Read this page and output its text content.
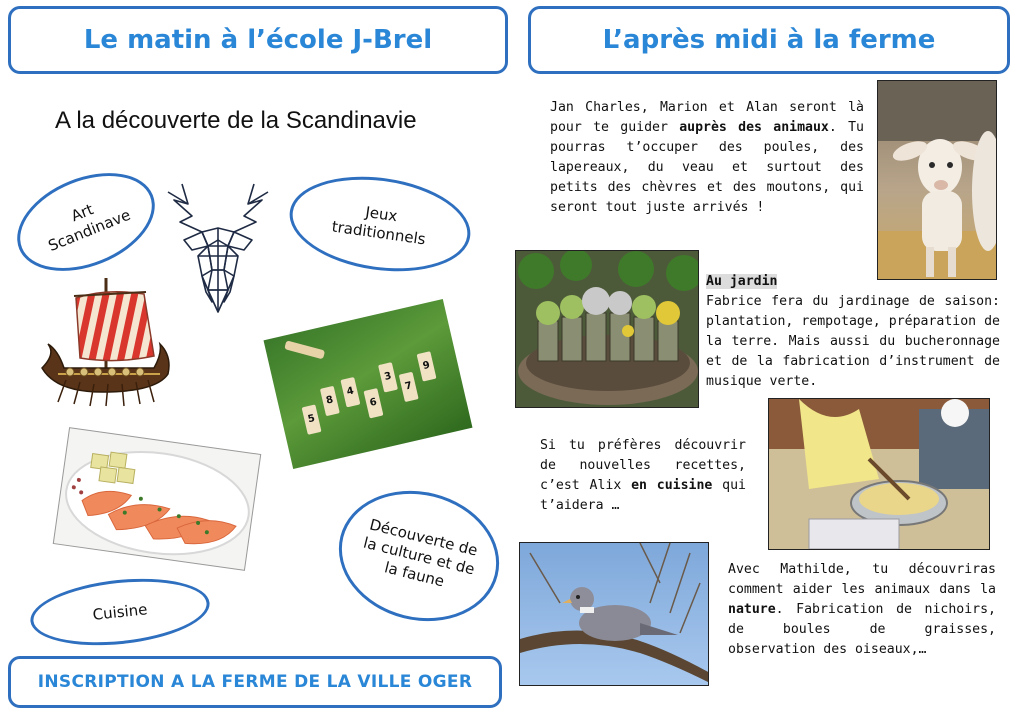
Le matin à l’école J-Brel
A la découverte de la Scandinavie
Art Scandinave	Jeux traditionnels
5
8
4
6
3
7
9
Découverte de la culture et de la faune
Cuisine
INSCRIPTION A LA FERME DE LA VILLE OGER
L’après midi à la ferme
Jan Charles, Marion et Alan seront là pour te guider auprès des animaux. Tu pourras t’occuper des poules, des lapereaux, du veau et surtout des petits des chèvres et des moutons, qui seront tout juste arrivés !
Au jardin
Fabrice fera du jardinage de saison: plantation, rempotage, préparation de la terre. Mais aussi du bucheronnage et de la fabrication d’instrument de musique verte.
Si tu préfères découvrir de nouvelles recettes, c’est Alix en cuisine qui t’aidera …
Avec Mathilde, tu découvriras comment aider les animaux dans la nature. Fabrication de nichoirs, de boules de graisses, observation des oiseaux,…
